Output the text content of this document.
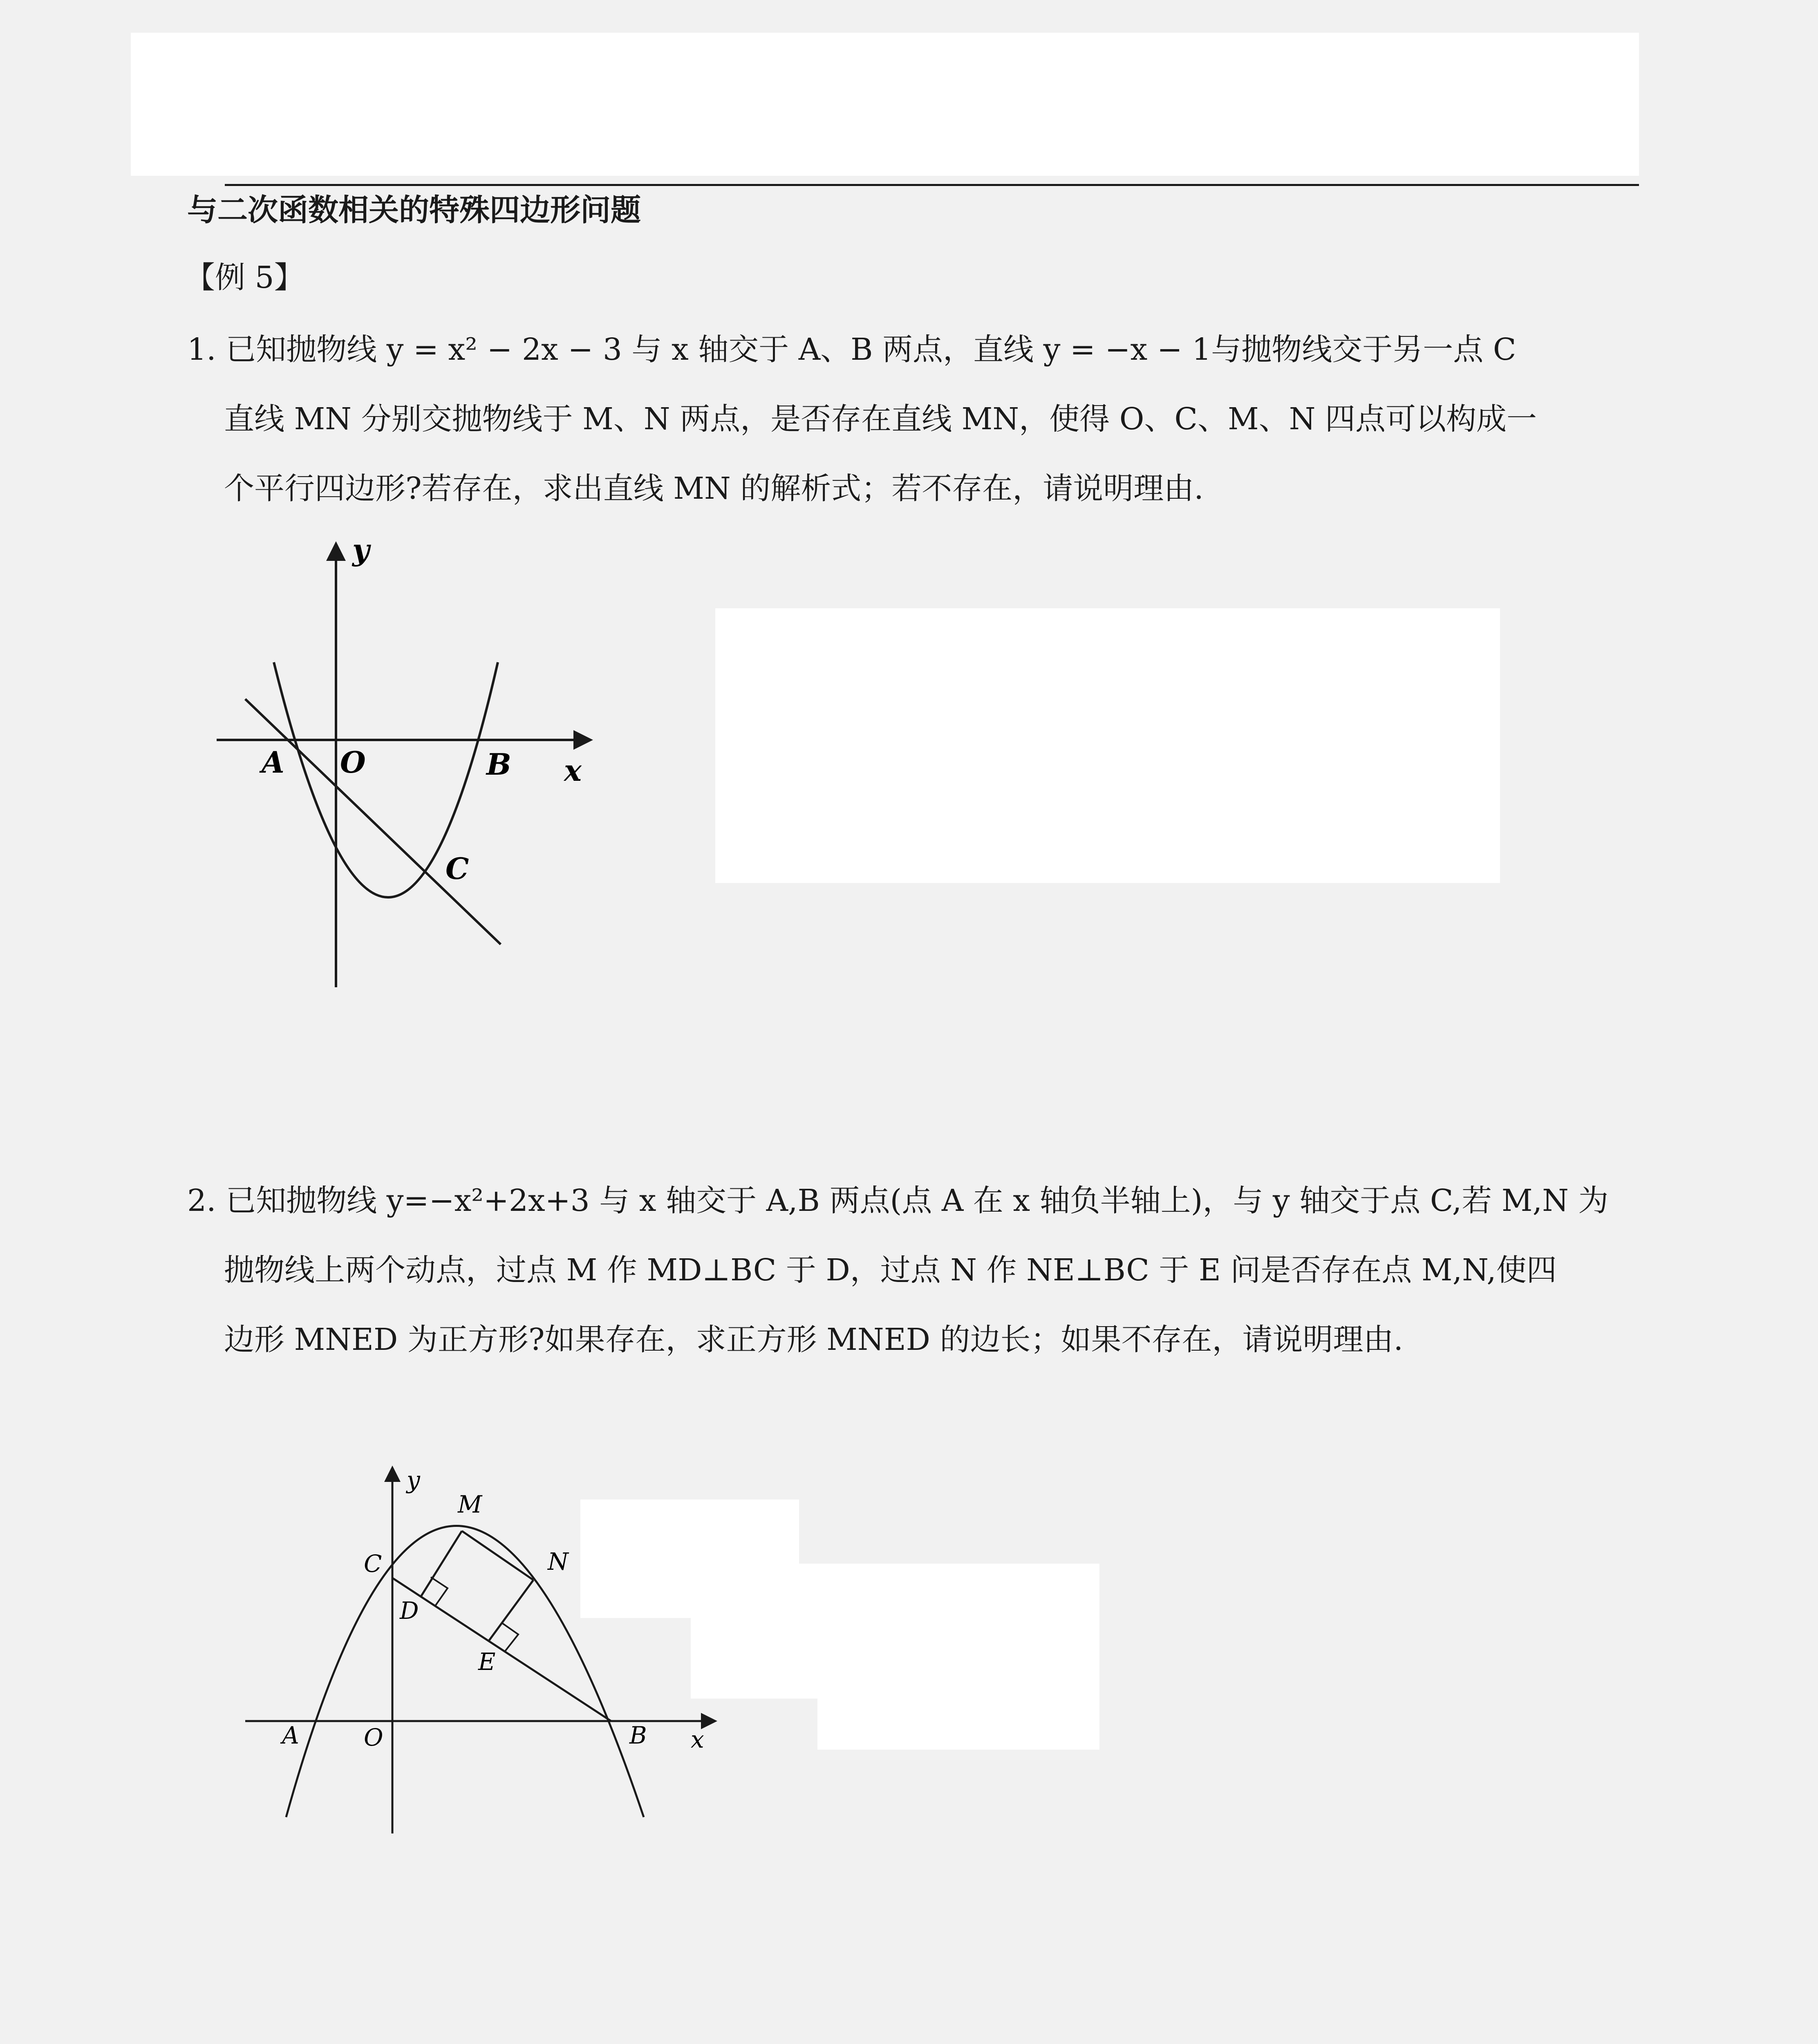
与二次函数相关的特殊四边形问题
【例 5】
1. 已知抛物线 y = x² − 2x − 3 与 x 轴交于 A、B 两点，直线 y = −x − 1与抛物线交于另一点 C
直线 MN 分别交抛物线于 M、N 两点，是否存在直线 MN，使得 O、C、M、N 四点可以构成一
个平行四边形?若存在，求出直线 MN 的解析式；若不存在，请说明理由.
y
A O	B x
C
2. 已知抛物线 y=−x²+2x+3 与 x 轴交于 A,B 两点(点 A 在 x 轴负半轴上)，与 y 轴交于点 C,若 M,N 为
抛物线上两个动点，过点 M 作 MD⊥BC 于 D，过点 N 作 NE⊥BC 于 E 问是否存在点 M,N,使四
边形 MNED 为正方形?如果存在，求正方形 MNED 的边长；如果不存在，请说明理由.
y
M
N
C
D
E
A	O	B x
